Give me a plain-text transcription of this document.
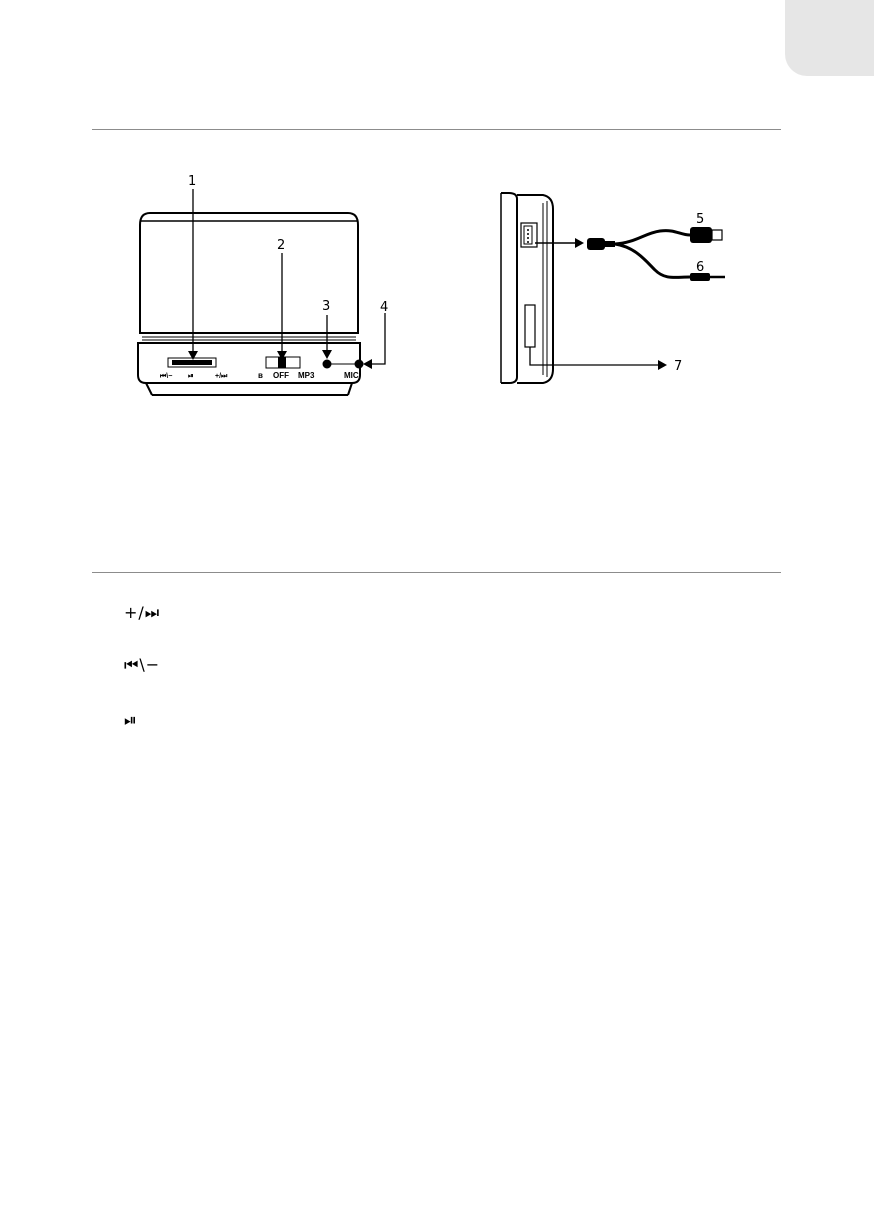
⏮\− ⏯	+/⏭	ʙ OFF MP3	MIC
1
2
3	4
5
6
7
+/⏭
⏮\−
⏯
